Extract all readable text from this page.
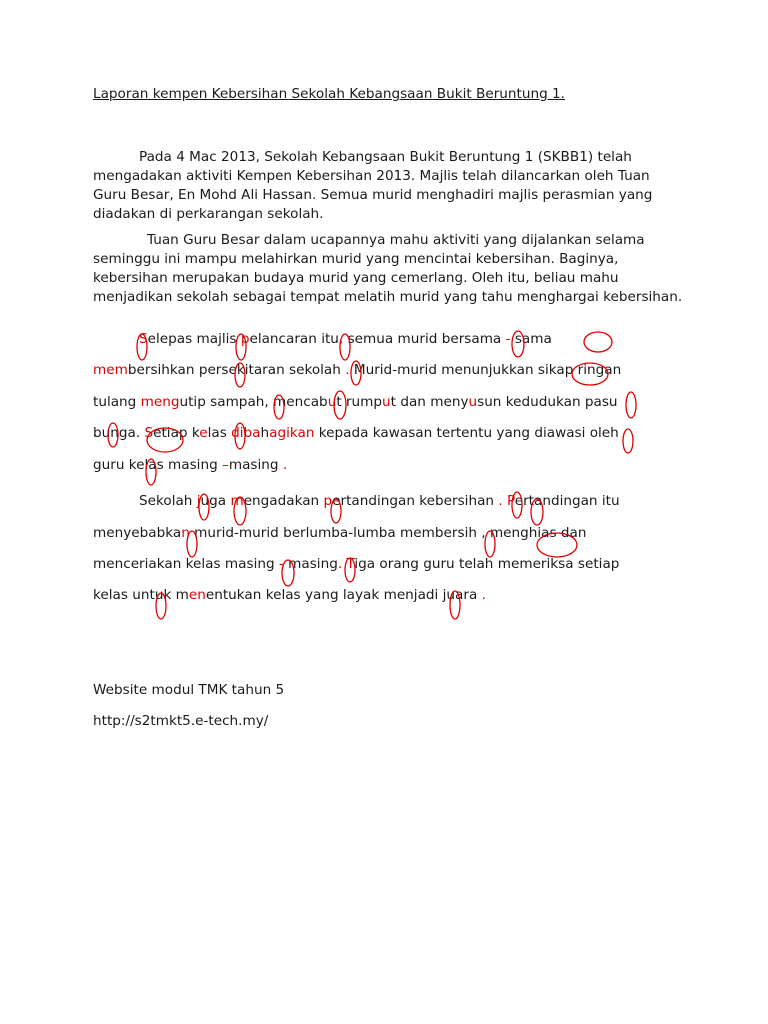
Laporan kempen Kebersihan Sekolah Kebangsaan Bukit Beruntung 1.
Pada 4 Mac 2013, Sekolah Kebangsaan Bukit Beruntung 1 (SKBB1) telah mengadakan aktiviti Kempen Kebersihan 2013. Majlis telah dilancarkan oleh Tuan Guru Besar, En Mohd Ali Hassan. Semua murid menghadiri majlis perasmian yang diadakan di perkarangan sekolah.
Tuan Guru Besar dalam ucapannya mahu aktiviti yang dijalankan selama seminggu ini mampu melahirkan murid yang mencintai kebersihan. Baginya, kebersihan merupakan budaya murid yang cemerlang. Oleh itu, beliau mahu menjadikan sekolah sebagai tempat melatih murid yang tahu menghargai kebersihan.
Selepas majlis pelancaran itu, semua murid bersama - sama
membersihkan persekitaran sekolah . Murid-murid menunjukkan sikap ringan
tulang mengutip sampah, mencabut rumput dan menyusun kedudukan pasu
bunga. Setiap kelas dibahagikan kepada kawasan tertentu yang diawasi oleh
guru kelas masing –masing .
Sekolah juga mengadakan pertandingan kebersihan . Pertandingan itu
menyebabkan murid-murid berlumba-lumba membersih , menghias dan
menceriakan kelas masing - masing. Tiga orang guru telah memeriksa setiap
kelas untuk menentukan kelas yang layak menjadi juara .
Website modul TMK tahun 5
http://s2tmkt5.e-tech.my/
